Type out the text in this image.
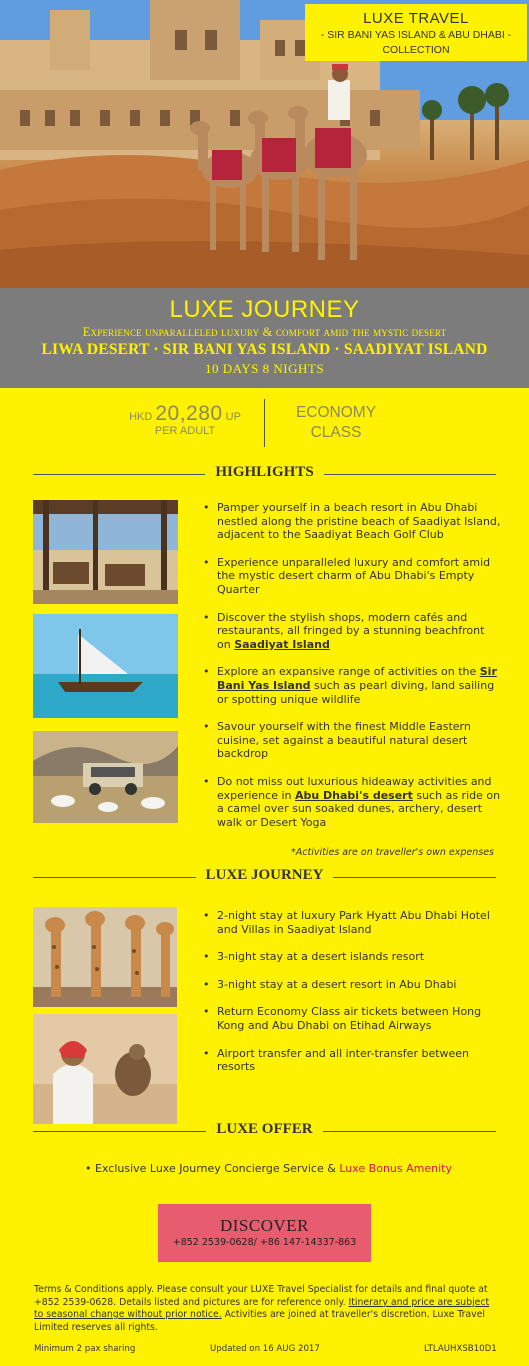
LUXE TRAVEL
- SIR BANI YAS ISLAND & ABU DHABI -
COLLECTION
LUXE JOURNEY
Experience unparalleled luxury & comfort amid the mystic desert
LIWA DESERT · SIR BANI YAS ISLAND · SAADIYAT ISLAND
10 DAYS 8 NIGHTS
HKD 20,280 UP
PER ADULT
ECONOMY
CLASS
HIGHLIGHTS
• Pamper yourself in a beach resort in Abu Dhabi nestled along the pristine beach of Saadiyat Island, adjacent to the Saadiyat Beach Golf Club
• Experience unparalleled luxury and comfort amid the mystic desert charm of Abu Dhabi's Empty Quarter
• Discover the stylish shops, modern cafés and restaurants, all fringed by a stunning beachfront on Saadiyat Island
• Explore an expansive range of activities on the Sir Bani Yas Island such as pearl diving, land sailing or spotting unique wildlife
• Savour yourself with the finest Middle Eastern cuisine, set against a beautiful natural desert backdrop
• Do not miss out luxurious hideaway activities and experience in Abu Dhabi's desert such as ride on a camel over sun soaked dunes, archery, desert walk or Desert Yoga
*Activities are on traveller's own expenses
LUXE JOURNEY
• 2-night stay at luxury Park Hyatt Abu Dhabi Hotel and Villas in Saadiyat Island
• 3-night stay at a desert islands resort
• 3-night stay at a desert resort in Abu Dhabi
• Return Economy Class air tickets between Hong Kong and Abu Dhabi on Etihad Airways
• Airport transfer and all inter-transfer between resorts
LUXE OFFER
• Exclusive Luxe Journey Concierge Service & Luxe Bonus Amenity
DISCOVER
+852 2539-0628/ +86 147-14337-863
Terms & Conditions apply. Please consult your LUXE Travel Specialist for details and final quote at +852 2539-0628. Details listed and pictures are for reference only. Itinerary and price are subject to seasonal change without prior notice. Activities are joined at traveller's discretion. Luxe Travel Limited reserves all rights.
Minimum 2 pax sharing	Updated on 16 AUG 2017	LTLAUHXSB10D1
